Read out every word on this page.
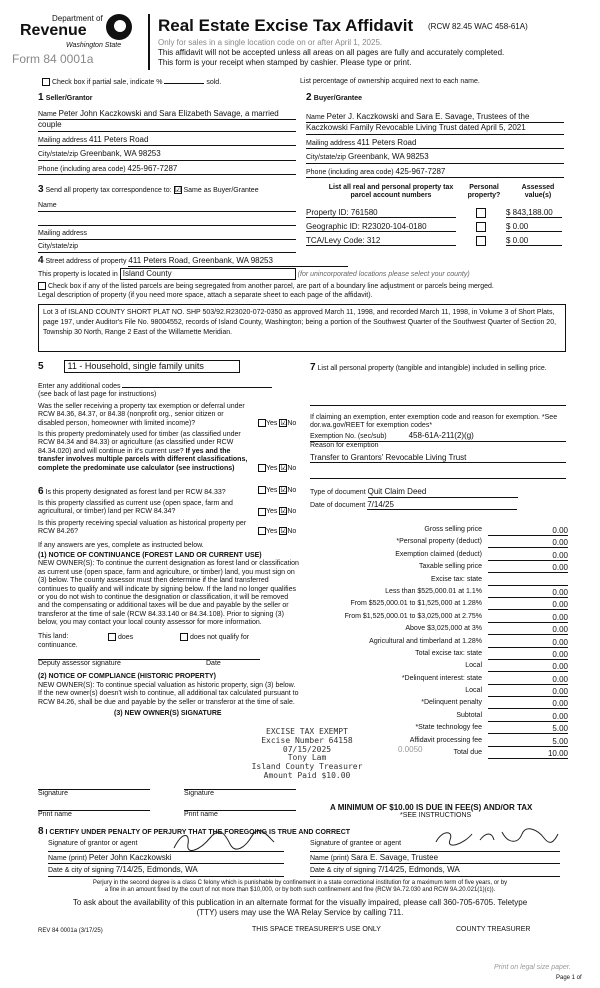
Department of
Revenue
Washington State
Form 84 0001a
Real Estate Excise Tax Affidavit (RCW 82.45 WAC 458-61A)
Only for sales in a single location code on or after April 1, 2025.
This affidavit will not be accepted unless all areas on all pages are fully and accurately completed.
This form is your receipt when stamped by cashier. Please type or print.
Check box if partial sale, indicate %	sold.	List percentage of ownership acquired next to each name.
1 Seller/Grantor
Name Peter John Kaczkowski and Sara Elizabeth Savage, a married
couple
Mailing address 411 Peters Road
City/state/zip Greenbank, WA 98253
Phone (including area code) 425-967-7287
2 Buyer/Grantee
Name Peter J. Kaczkowski and Sara E. Savage, Trustees of the
Kaczkowski Family Revocable Living Trust dated April 5, 2021
Mailing address 411 Peters Road
City/state/zip Greenbank, WA 98253
Phone (including area code) 425-967-7287
3 Send all property tax correspondence to: ☑ Same as Buyer/Grantee
Name
Mailing address
City/state/zip
List all real and personal property tax
parcel account numbers
Personal
property?
Assessed
value(s)
Property ID: 761580	$ 843,188.00
Geographic ID: R23020-104-0180	$ 0.00
TCA/Levy Code: 312	$ 0.00
4 Street address of property 411 Peters Road, Greenbank, WA 98253
This property is located in Island County	(for unincorporated locations please select your county)
Check box if any of the listed parcels are being segregated from another parcel, are part of a boundary line adjustment or parcels being merged.
Legal description of property (if you need more space, attach a separate sheet to each page of the affidavit).
Lot 3 of ISLAND COUNTY SHORT PLAT NO. SHP 503/92.R23020-072-0350 as approved March 11, 1998, and recorded March 11, 1998, in Volume 3 of Short Plats, page 197, under Auditor's File No. 98004552, records of Island County, Washington; being a portion of the Southwest Quarter of the Southwest Quarter of Section 20, Township 30 North, Range 2 East of the Willamette Meridian.
5	11 - Household, single family units
Enter any additional codes
(see back of last page for instructions)
Was the seller receiving a property tax exemption or deferral under RCW 84.36, 84.37, or 84.38 (nonprofit org., senior citizen or disabled person, homeowner with limited income)?	Yes ☑No
Is this property predominately used for timber (as classified under RCW 84.34 and 84.33) or agriculture (as classified under RCW 84.34.020) and will continue in it's current use? If yes and the transfer involves multiple parcels with different classifications, complete the predominate use calculator (see instructions)	Yes ☑No
6 Is this property designated as forest land per RCW 84.33?	Yes ☑No
Is this property classified as current use (open space, farm and agricultural, or timber) land per RCW 84.34?	Yes ☑No
Is this property receiving special valuation as historical property per RCW 84.26?	Yes ☑No
If any answers are yes, complete as instructed below.
(1) NOTICE OF CONTINUANCE (FOREST LAND OR CURRENT USE)
NEW OWNER(S): To continue the current designation as forest land or classification as current use (open space, farm and agriculture, or timber) land, you must sign on (3) below. The county assessor must then determine if the land transferred continues to qualify and will indicate by signing below. If the land no longer qualifies or you do not wish to continue the designation or classification, it will be removed and the compensating or additional taxes will be due and payable by the seller or transferor at the time of sale (RCW 84.33.140 or 84.34.108). Prior to signing (3) below, you may contact your local county assessor for more information.
This land:	does	does not qualify for
continuance.
Deputy assessor signature	Date
(2) NOTICE OF COMPLIANCE (HISTORIC PROPERTY)
NEW OWNER(S): To continue special valuation as historic property, sign (3) below. If the new owner(s) doesn't wish to continue, all additional tax calculated pursuant to RCW 84.26, shall be due and payable by the seller or transferor at the time of sale.
(3) NEW OWNER(S) SIGNATURE
Signature	Signature
Print name	Print name
7 List all personal property (tangible and intangible) included in selling price.
If claiming an exemption, enter exemption code and reason for exemption. *See dor.wa.gov/REET for exemption codes*
Exemption No. (sec/sub)	458-61A-211(2)(g)
Reason for exemption
Transfer to Grantors' Revocable Living Trust
Type of document Quit Claim Deed
Date of document 7/14/25
Gross selling price	0.00
*Personal property (deduct)	0.00
Exemption claimed (deduct)	0.00
Taxable selling price	0.00
Excise tax: state
Less than $525,000.01 at 1.1%	0.00
From $525,000.01 to $1,525,000 at 1.28%	0.00
From $1,525,000.01 to $3,025,000 at 2.75%	0.00
Above $3,025,000 at 3%	0.00
Agricultural and timberland at 1.28%	0.00
Total excise tax: state	0.00
Local	0.00
*Delinquent interest: state	0.00
Local	0.00
*Delinquent penalty	0.00
Subtotal	0.00
*State technology fee	5.00
Affidavit processing fee	5.00
Total due	10.00
0.0050
A MINIMUM OF $10.00 IS DUE IN FEE(S) AND/OR TAX
*SEE INSTRUCTIONS
EXCISE TAX EXEMPT
Excise Number 64158
07/15/2025
Tony Lam
Island County Treasurer
Amount Paid $10.00
8 I CERTIFY UNDER PENALTY OF PERJURY THAT THE FOREGOING IS TRUE AND CORRECT
Signature of grantor or agent
Name (print) Peter John Kaczkowski
Date & city of signing 7/14/25, Edmonds, WA
Signature of grantee or agent
Name (print) Sara E. Savage, Trustee
Date & city of signing 7/14/25, Edmonds, WA
Perjury in the second degree is a class C felony which is punishable by confinement in a state correctional institution for a maximum term of five years, or by
a fine in an amount fixed by the court of not more than $10,000, or by both such confinement and fine (RCW 9A.72.030 and RCW 9A.20.021(1)(c)).
To ask about the availability of this publication in an alternate format for the visually impaired, please call 360-705-6705. Teletype
(TTY) users may use the WA Relay Service by calling 711.
REV 84 0001a (3/17/25)	THIS SPACE TREASURER'S USE ONLY	COUNTY TREASURER
Print on legal size paper.
Page 1 of
